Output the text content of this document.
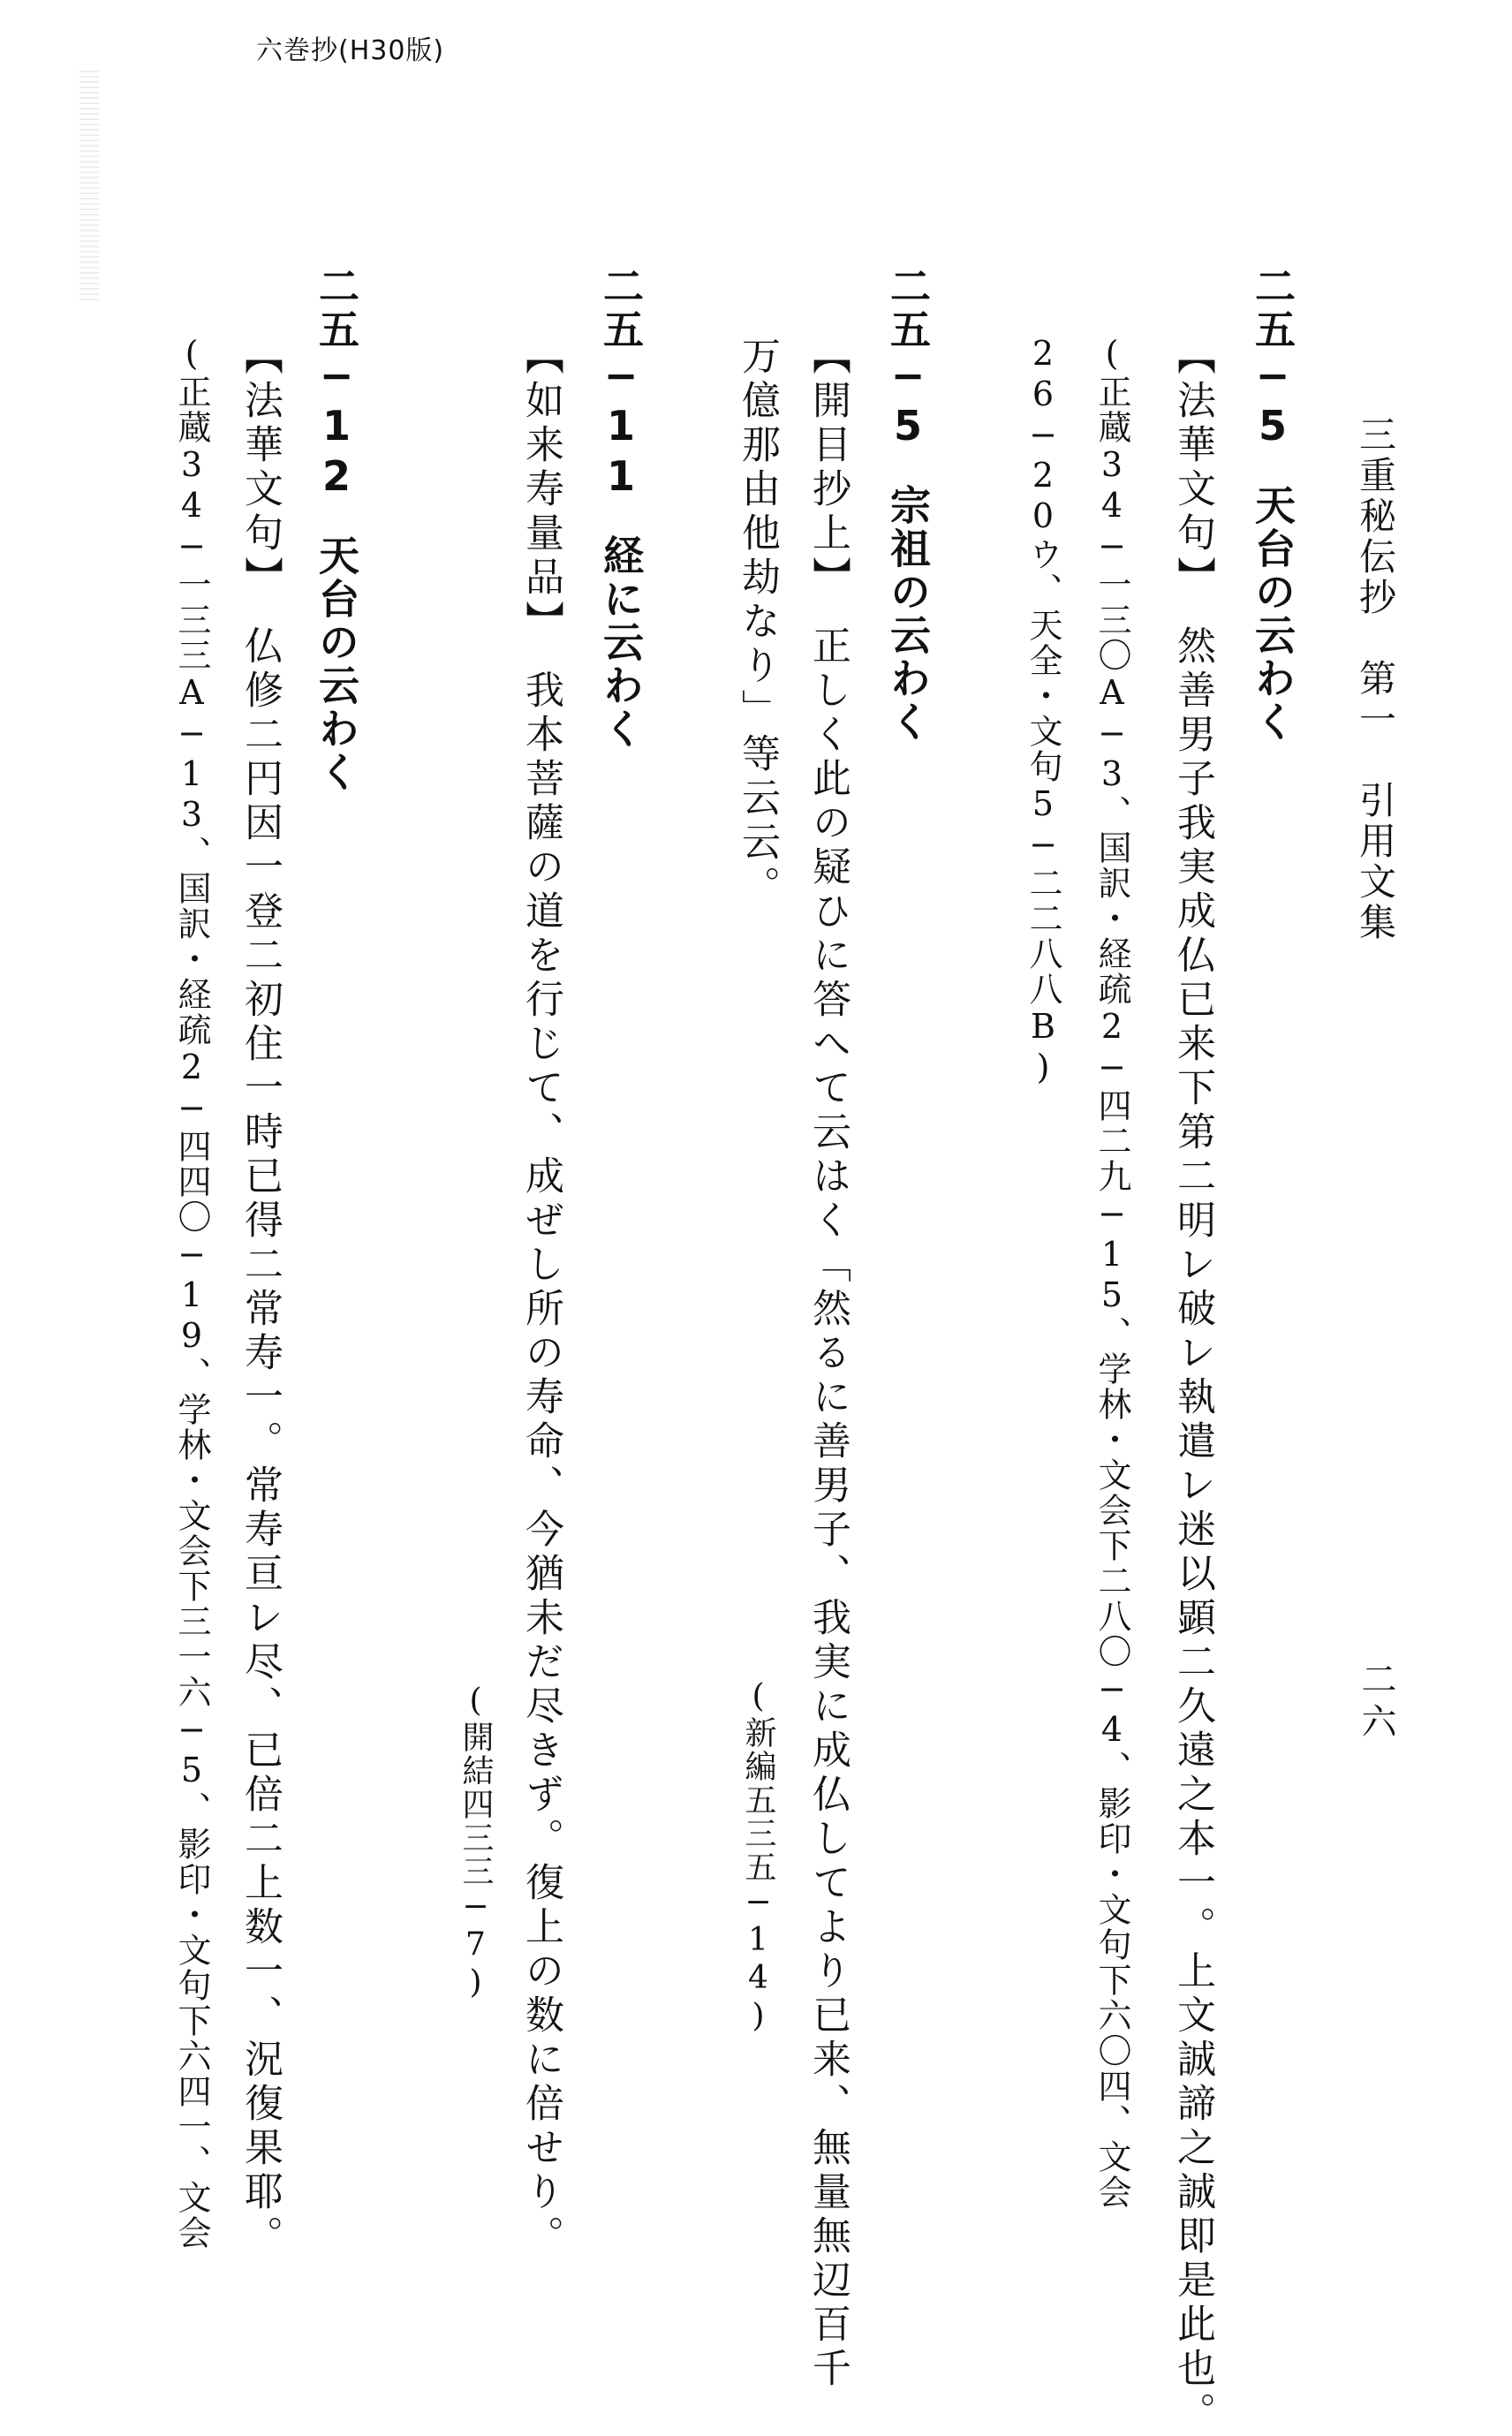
六巻抄(H30版)
三重秘伝抄　第一　引用文集
二六
二五−5天台の云わく
【法華文句】　然善男子我実成仏已来下第二明レ破レ執遣レ迷以顕二久遠之本一。上文誠諦之誠即是此也。
(正蔵34−一三〇A−3、国訳・経疏2−四二九−15、学林・文会下二八〇−4、影印・文句下六〇四、文会
26−20ウ、天全・文句5−二二八八B)
二五−5宗祖の云わく
【開目抄上】　正しく此の疑ひに答へて云はく「然るに善男子、我実に成仏してより已来、無量無辺百千
万億那由他劫なり」等云云。
(新編五三五−14)
二五−11経に云わく
【如来寿量品】　我本菩薩の道を行じて、成ぜし所の寿命、今猶未だ尽きず。復上の数に倍せり。
(開結四三三−7)
二五−12天台の云わく
【法華文句】　仏修二円因一登二初住一時已得二常寿一。常寿亘レ尽、已倍二上数一、況復果耶。
(正蔵34−一三三A−13、国訳・経疏2−四四〇−19、学林・文会下三一六−5、影印・文句下六四一、文会
